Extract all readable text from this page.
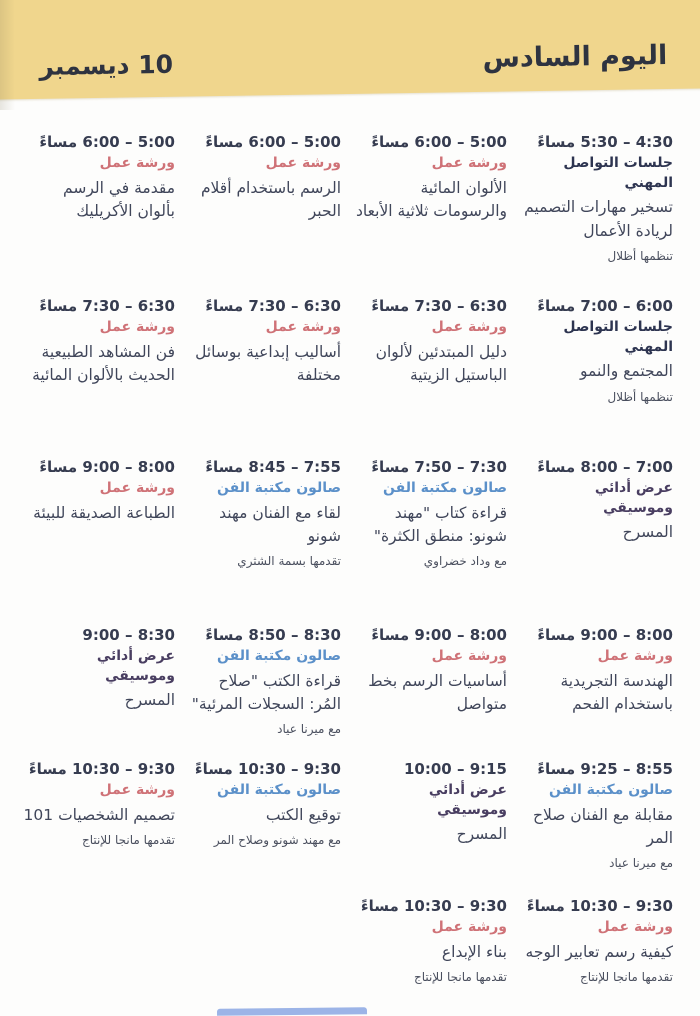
اليوم السادس
10 ديسمبر
4:30 – 5:30 مساءً
جلسات التواصل المهني
تسخير مهارات التصميم لريادة الأعمال
تنظمها أظلال
5:00 – 6:00 مساءً
ورشة عمل
الألوان المائية والرسومات ثلاثية الأبعاد
5:00 – 6:00 مساءً
ورشة عمل
الرسم باستخدام أقلام الحبر
5:00 – 6:00 مساءً
ورشة عمل
مقدمة في الرسم بألوان الأكريليك
6:00 – 7:00 مساءً
جلسات التواصل المهني
المجتمع والنمو
تنظمها أظلال
6:30 – 7:30 مساءً
ورشة عمل
دليل المبتدئين لألوان الباستيل الزيتية
6:30 – 7:30 مساءً
ورشة عمل
أساليب إبداعية بوسائل مختلفة
6:30 – 7:30 مساءً
ورشة عمل
فن المشاهد الطبيعية الحديث بالألوان المائية
7:00 – 8:00 مساءً
عرض أدائي وموسيقي
المسرح
7:30 – 7:50 مساءً
صالون مكتبة الفن
قراءة كتاب "مهند شونو: منطق الكثرة"
مع وداد خضراوي
7:55 – 8:45 مساءً
صالون مكتبة الفن
لقاء مع الفنان مهند شونو
تقدمها بسمة الشثري
8:00 – 9:00 مساءً
ورشة عمل
الطباعة الصديقة للبيئة
8:00 – 9:00 مساءً
ورشة عمل
الهندسة التجريدية باستخدام الفحم
8:00 – 9:00 مساءً
ورشة عمل
أساسيات الرسم بخط متواصل
8:30 – 8:50 مساءً
صالون مكتبة الفن
قراءة الكتب "صلاح المُر: السجلات المرئية"
مع ميرنا عياد
8:30 – 9:00
عرض أدائي وموسيقي
المسرح
8:55 – 9:25 مساءً
صالون مكتبة الفن
مقابلة مع الفنان صلاح المر
مع ميرنا عياد
9:15 – 10:00
عرض أدائي وموسيقي
المسرح
9:30 – 10:30 مساءً
صالون مكتبة الفن
توقيع الكتب
مع مهند شونو وصلاح المر
9:30 – 10:30 مساءً
ورشة عمل
تصميم الشخصيات 101
تقدمها مانجا للإنتاج
9:30 – 10:30 مساءً
ورشة عمل
كيفية رسم تعابير الوجه
تقدمها مانجا للإنتاج
9:30 – 10:30 مساءً
ورشة عمل
بناء الإبداع
تقدمها مانجا للإنتاج
